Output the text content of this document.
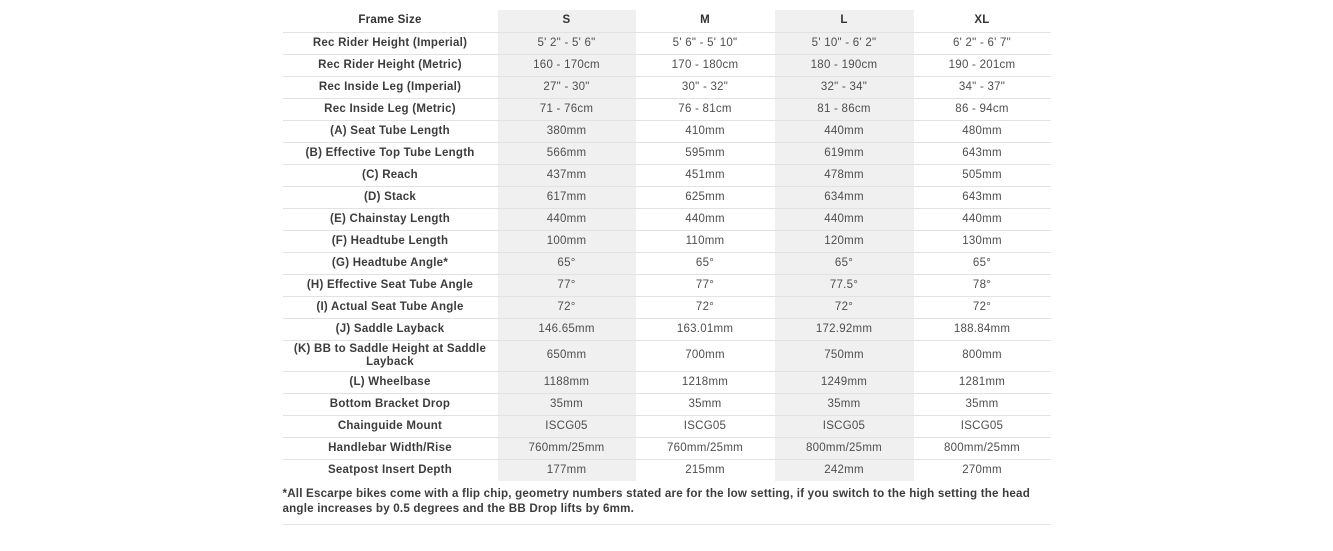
Frame Size	S	M	L	XL
Rec Rider Height (Imperial)	5' 2" - 5' 6"	5' 6" - 5' 10"	5' 10" - 6' 2"	6' 2" - 6' 7"
Rec Rider Height (Metric)	160 - 170cm	170 - 180cm	180 - 190cm	190 - 201cm
Rec Inside Leg (Imperial)	27" - 30"	30" - 32"	32" - 34"	34" - 37"
Rec Inside Leg (Metric)	71 - 76cm	76 - 81cm	81 - 86cm	86 - 94cm
(A) Seat Tube Length	380mm	410mm	440mm	480mm
(B) Effective Top Tube Length	566mm	595mm	619mm	643mm
(C) Reach	437mm	451mm	478mm	505mm
(D) Stack	617mm	625mm	634mm	643mm
(E) Chainstay Length	440mm	440mm	440mm	440mm
(F) Headtube Length	100mm	110mm	120mm	130mm
(G) Headtube Angle*	65°	65°	65°	65°
(H) Effective Seat Tube Angle	77°	77°	77.5°	78°
(I) Actual Seat Tube Angle	72°	72°	72°	72°
(J) Saddle Layback	146.65mm	163.01mm	172.92mm	188.84mm
(K) BB to Saddle Height at Saddle Layback	650mm	700mm	750mm	800mm
(L) Wheelbase	1188mm	1218mm	1249mm	1281mm
Bottom Bracket Drop	35mm	35mm	35mm	35mm
Chainguide Mount	ISCG05	ISCG05	ISCG05	ISCG05
Handlebar Width/Rise	760mm/25mm	760mm/25mm	800mm/25mm	800mm/25mm
Seatpost Insert Depth	177mm	215mm	242mm	270mm
*All Escarpe bikes come with a flip chip, geometry numbers stated are for the low setting, if you switch to the high setting the head angle increases by 0.5 degrees and the BB Drop lifts by 6mm.
